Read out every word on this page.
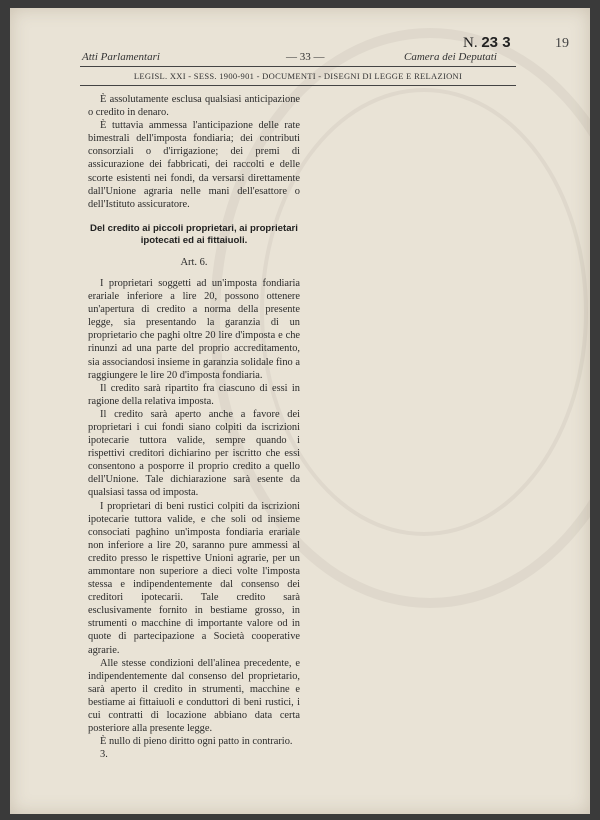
Atti Parlamentari	— 33 —	Camera dei Deputati
N. 23 3	19
LEGISL. XXI - SESS. 1900-901 - DOCUMENTI - DISEGNI DI LEGGE E RELAZIONI

È assolutamente esclusa qualsiasi anticipazione o credito in denaro.

È tuttavia ammessa l'anticipazione delle rate bimestrali dell'imposta fondiaria; dei contributi consorziali o d'irrigazione; dei premi di assicurazione dei fabbricati, dei raccolti e delle scorte esistenti nei fondi, da versarsi direttamente dall'Unione agraria nelle mani dell'esattore o dell'Istituto assicuratore.

Del credito ai piccoli proprietari, ai proprietari ipotecati ed ai fittaiuoli.
Art. 6.

I proprietari soggetti ad un'imposta fondiaria erariale inferiore a lire 20, possono ottenere un'apertura di credito a norma della presente legge, sia presentando la garanzia di un proprietario che paghi oltre 20 lire d'imposta e che rinunzi ad una parte del proprio accreditamento, sia associandosi insieme in garanzia solidale fino a raggiungere le lire 20 d'imposta fondiaria.

Il credito sarà ripartito fra ciascuno di essi in ragione della relativa imposta.

Il credito sarà aperto anche a favore dei proprietari i cui fondi siano colpiti da iscrizioni ipotecarie tuttora valide, sempre quando i rispettivi creditori dichiarino per iscritto che essi consentono a posporre il proprio credito a quello dell'Unione. Tale dichiarazione sarà esente da qualsiasi tassa od imposta.

I proprietari di beni rustici colpiti da iscrizioni ipotecarie tuttora valide, e che soli od insieme consociati paghino un'imposta fondiaria erariale non inferiore a lire 20, saranno pure ammessi al credito presso le rispettive Unioni agrarie, per un ammontare non superiore a dieci volte l'imposta stessa e indipendentemente dal consenso dei creditori ipotecarii. Tale credito sarà esclusivamente fornito in bestiame grosso, in strumenti o macchine di importante valore od in quote di partecipazione a Società cooperative agrarie.

Alle stesse condizioni dell'alinea precedente, e indipendentemente dal consenso del proprietario, sarà aperto il credito in strumenti, macchine e bestiame ai fittaiuoli e conduttori di beni rustici, i cui contratti di locazione abbiano data certa posteriore alla presente legge.

È nullo di pieno diritto ogni patto in contrario.

3.
